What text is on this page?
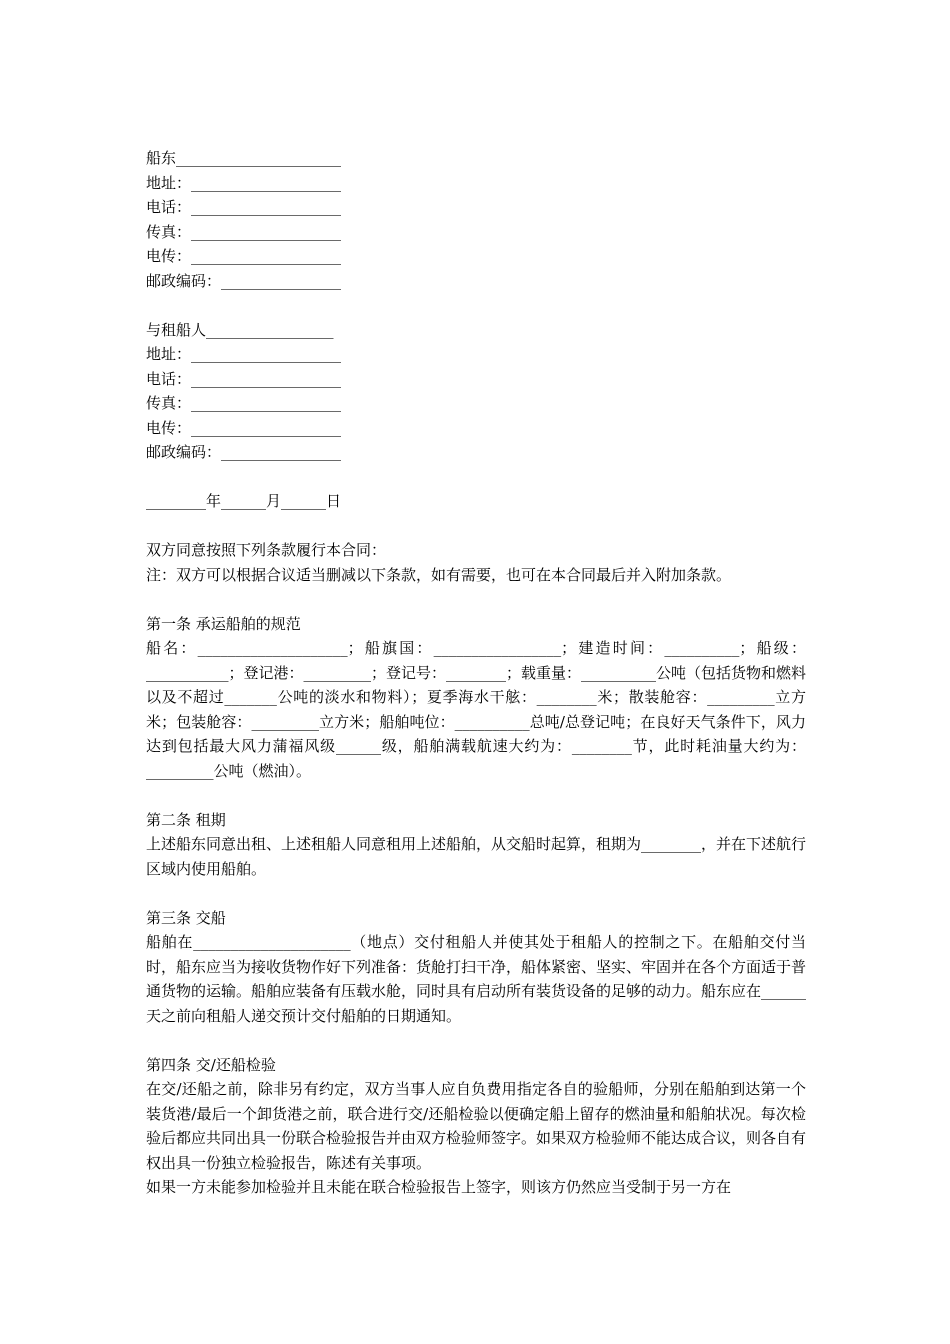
船东______________________
地址：____________________
电话：____________________
传真：____________________
电传：____________________
邮政编码：________________
与租船人_________________
地址：____________________
电话：____________________
传真：____________________
电传：____________________
邮政编码：________________
________年______月______日
双方同意按照下列条款履行本合同：
注：双方可以根据合议适当删减以下条款，如有需要，也可在本合同最后并入附加条款。
第一条 承运船舶的规范
船名：____________________；船旗国：_________________；建造时间：__________；船级：___________；登记港：_________；登记号：________；载重量：__________公吨（包括货物和燃料以及不超过_______公吨的淡水和物料）；夏季海水干舷：________米；散装舱容：_________立方米；包装舱容：_________立方米；船舶吨位：__________总吨/总登记吨；在良好天气条件下，风力达到包括最大风力蒲福风级______级，船舶满载航速大约为：________节，此时耗油量大约为：_________公吨（燃油）。
第二条 租期
上述船东同意出租、上述租船人同意租用上述船舶，从交船时起算，租期为________，并在下述航行区域内使用船舶。
第三条 交船
船舶在_____________________（地点）交付租船人并使其处于租船人的控制之下。在船舶交付当时，船东应当为接收货物作好下列准备：货舱打扫干净，船体紧密、坚实、牢固并在各个方面适于普通货物的运输。船舶应装备有压载水舱，同时具有启动所有装货设备的足够的动力。船东应在______天之前向租船人递交预计交付船舶的日期通知。
第四条 交/还船检验
在交/还船之前，除非另有约定，双方当事人应自负费用指定各自的验船师，分别在船舶到达第一个装货港/最后一个卸货港之前，联合进行交/还船检验以便确定船上留存的燃油量和船舶状况。每次检验后都应共同出具一份联合检验报告并由双方检验师签字。如果双方检验师不能达成合议，则各自有权出具一份独立检验报告，陈述有关事项。
如果一方未能参加检验并且未能在联合检验报告上签字，则该方仍然应当受制于另一方在
